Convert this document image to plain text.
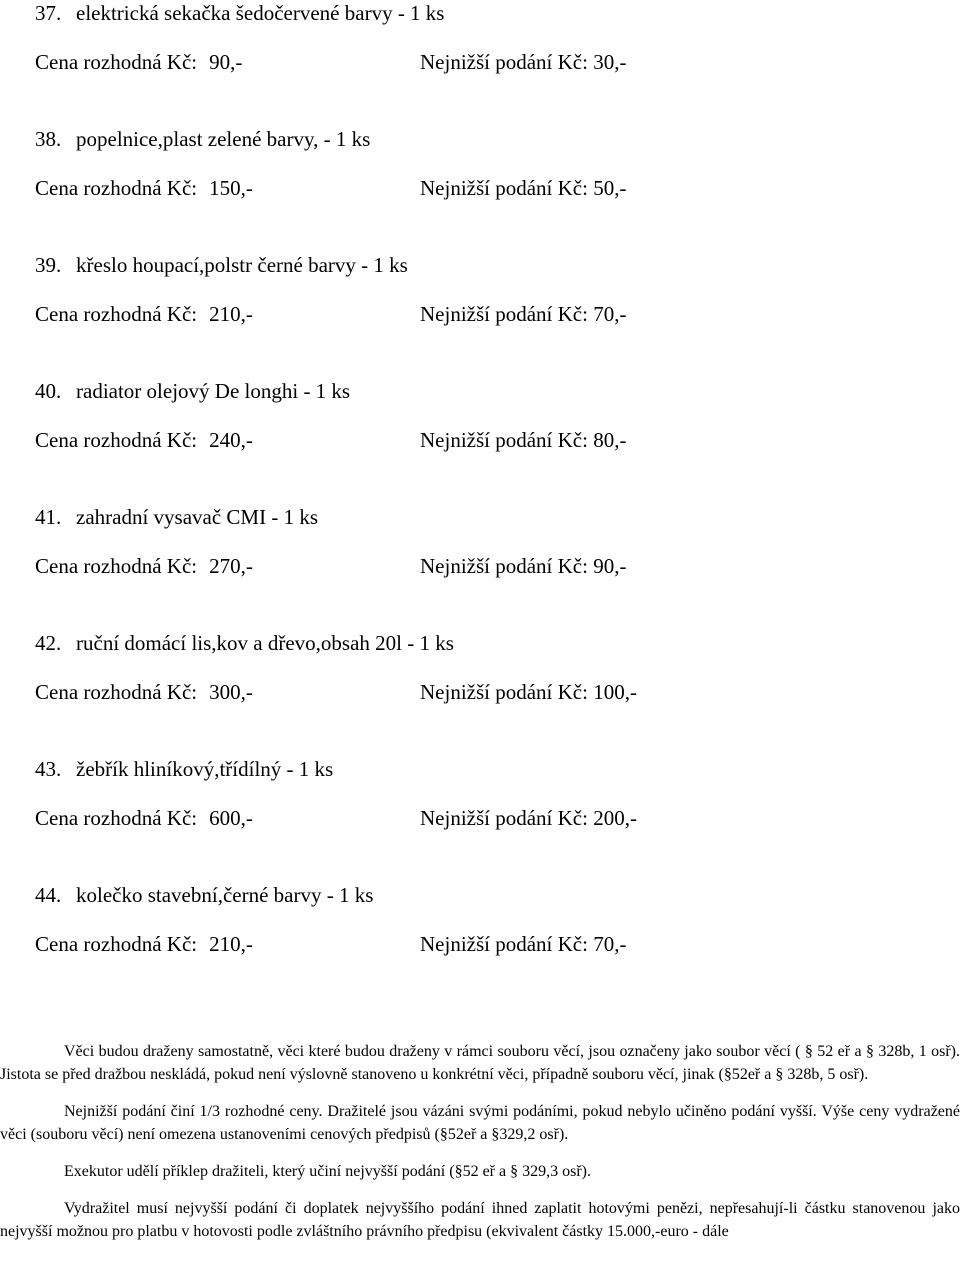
37. elektrická sekačka šedočervené barvy - 1 ks
Cena rozhodná Kč: 90,-	Nejnižší podání Kč: 30,-
38. popelnice,plast zelené barvy, - 1 ks
Cena rozhodná Kč: 150,-	Nejnižší podání Kč: 50,-
39. křeslo houpací,polstr černé barvy - 1 ks
Cena rozhodná Kč: 210,-	Nejnižší podání Kč: 70,-
40. radiator olejový De longhi - 1 ks
Cena rozhodná Kč: 240,-	Nejnižší podání Kč: 80,-
41. zahradní vysavač CMI - 1 ks
Cena rozhodná Kč: 270,-	Nejnižší podání Kč: 90,-
42. ruční domácí lis,kov a dřevo,obsah 20l - 1 ks
Cena rozhodná Kč: 300,-	Nejnižší podání Kč: 100,-
43. žebřík hliníkový,třídílný - 1 ks
Cena rozhodná Kč: 600,-	Nejnižší podání Kč: 200,-
44. kolečko stavební,černé barvy - 1 ks
Cena rozhodná Kč: 210,-	Nejnižší podání Kč: 70,-

Věci budou draženy samostatně, věci které budou draženy v rámci souboru věcí, jsou označeny jako soubor věcí ( § 52 eř a § 328b, 1 osř). Jistota se před dražbou neskládá, pokud není výslovně stanoveno u konkrétní věci, případně souboru věcí, jinak (§52eř a § 328b, 5 osř).

Nejnižší podání činí 1/3 rozhodné ceny. Dražitelé jsou vázáni svými podáními, pokud nebylo učiněno podání vyšší. Výše ceny vydražené věci (souboru věcí) není omezena ustanoveními cenových předpisů (§52eř a §329,2 osř).

Exekutor udělí příklep dražiteli, který učiní nejvyšší podání (§52 eř a § 329,3 osř).

Vydražitel musí nejvyšší podání či doplatek nejvyššího podání ihned zaplatit hotovými penězi, nepřesahují-li částku stanovenou jako nejvyšší možnou pro platbu v hotovosti podle zvláštního právního předpisu (ekvivalent částky 15.000,-euro - dále
